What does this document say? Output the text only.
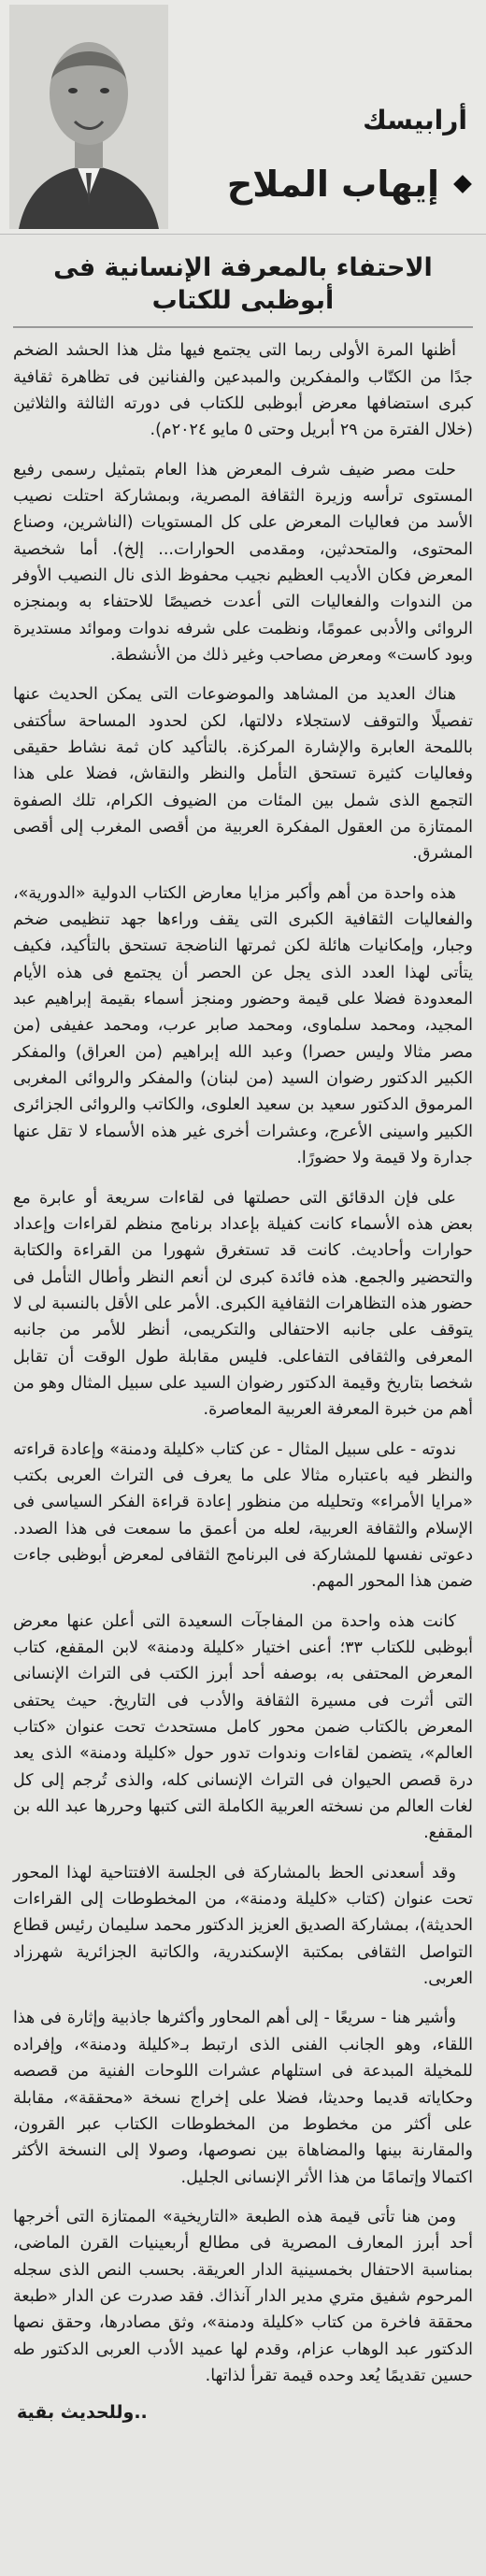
أرابيسك
إيهاب الملاح
الاحتفاء بالمعرفة الإنسانية فى أبوظبى للكتاب

أظنها المرة الأولى ربما التى يجتمع فيها مثل هذا الحشد الضخم جدًا من الكتّاب والمفكرين والمبدعين والفنانين فى تظاهرة ثقافية كبرى استضافها معرض أبوظبى للكتاب فى دورته الثالثة والثلاثين (خلال الفترة من ٢٩ أبريل وحتى ٥ مايو ٢٠٢٤م).

حلت مصر ضيف شرف المعرض هذا العام بتمثيل رسمى رفيع المستوى ترأسه وزيرة الثقافة المصرية، وبمشاركة احتلت نصيب الأسد من فعاليات المعرض على كل المستويات (الناشرين، وصناع المحتوى، والمتحدثين، ومقدمى الحوارات... إلخ). أما شخصية المعرض فكان الأديب العظيم نجيب محفوظ الذى نال النصيب الأوفر من الندوات والفعاليات التى أعدت خصيصًا للاحتفاء به وبمنجزه الروائى والأدبى عمومًا، ونظمت على شرفه ندوات وموائد مستديرة وبود كاست» ومعرض مصاحب وغير ذلك من الأنشطة.

هناك العديد من المشاهد والموضوعات التى يمكن الحديث عنها تفصيلًا والتوقف لاستجلاء دلالتها، لكن لحدود المساحة سأكتفى باللمحة العابرة والإشارة المركزة. بالتأكيد كان ثمة نشاط حقيقى وفعاليات كثيرة تستحق التأمل والنظر والنقاش، فضلا على هذا التجمع الذى شمل بين المئات من الضيوف الكرام، تلك الصفوة الممتازة من العقول المفكرة العربية من أقصى المغرب إلى أقصى المشرق.

هذه واحدة من أهم وأكبر مزايا معارض الكتاب الدولية «الدورية»، والفعاليات الثقافية الكبرى التى يقف وراءها جهد تنظيمى ضخم وجبار، وإمكانيات هائلة لكن ثمرتها الناضجة تستحق بالتأكيد، فكيف يتأتى لهذا العدد الذى يجل عن الحصر أن يجتمع فى هذه الأيام المعدودة فضلا على قيمة وحضور ومنجز أسماء بقيمة إبراهيم عبد المجيد، ومحمد سلماوى، ومحمد صابر عرب، ومحمد عفيفى (من مصر مثالا وليس حصرا) وعبد الله إبراهيم (من العراق) والمفكر الكبير الدكتور رضوان السيد (من لبنان) والمفكر والروائى المغربى المرموق الدكتور سعيد بن سعيد العلوى، والكاتب والروائى الجزائرى الكبير واسينى الأعرج، وعشرات أخرى غير هذه الأسماء لا تقل عنها جدارة ولا قيمة ولا حضورًا.

على فإن الدقائق التى حصلتها فى لقاءات سريعة أو عابرة مع بعض هذه الأسماء كانت كفيلة بإعداد برنامج منظم لقراءات وإعداد حوارات وأحاديث. كانت قد تستغرق شهورا من القراءة والكتابة والتحضير والجمع. هذه فائدة كبرى لن أنعم النظر وأطال التأمل فى حضور هذه التظاهرات الثقافية الكبرى. الأمر على الأقل بالنسبة لى لا يتوقف على جانبه الاحتفالى والتكريمى، أنظر للأمر من جانبه المعرفى والثقافى التفاعلى. فليس مقابلة طول الوقت أن تقابل شخصا بتاريخ وقيمة الدكتور رضوان السيد على سبيل المثال وهو من أهم من خبرة المعرفة العربية المعاصرة.

ندوته - على سبيل المثال - عن كتاب «كليلة ودمنة» وإعادة قراءته والنظر فيه باعتباره مثالا على ما يعرف فى التراث العربى بكتب «مرايا الأمراء» وتحليله من منظور إعادة قراءة الفكر السياسى فى الإسلام والثقافة العربية، لعله من أعمق ما سمعت فى هذا الصدد. دعوتى نفسها للمشاركة فى البرنامج الثقافى لمعرض أبوظبى جاءت ضمن هذا المحور المهم.

كانت هذه واحدة من المفاجآت السعيدة التى أعلن عنها معرض أبوظبى للكتاب ٣٣؛ أعنى اختيار «كليلة ودمنة» لابن المقفع، كتاب المعرض المحتفى به، بوصفه أحد أبرز الكتب فى التراث الإنسانى التى أثرت فى مسيرة الثقافة والأدب فى التاريخ. حيث يحتفى المعرض بالكتاب ضمن محور كامل مستحدث تحت عنوان «كتاب العالم»، يتضمن لقاءات وندوات تدور حول «كليلة ودمنة» الذى يعد درة قصص الحيوان فى التراث الإنسانى كله، والذى تُرجم إلى كل لغات العالم من نسخته العربية الكاملة التى كتبها وحررها عبد الله بن المقفع.

وقد أسعدنى الحظ بالمشاركة فى الجلسة الافتتاحية لهذا المحور تحت عنوان (كتاب «كليلة ودمنة»، من المخطوطات إلى القراءات الحديثة)، بمشاركة الصديق العزيز الدكتور محمد سليمان رئيس قطاع التواصل الثقافى بمكتبة الإسكندرية، والكاتبة الجزائرية شهرزاد العربى.

وأشير هنا - سريعًا - إلى أهم المحاور وأكثرها جاذبية وإثارة فى هذا اللقاء، وهو الجانب الفنى الذى ارتبط بـ«كليلة ودمنة»، وإفراده للمخيلة المبدعة فى استلهام عشرات اللوحات الفنية من قصصه وحكاياته قديما وحديثا، فضلا على إخراج نسخة «محققة»، مقابلة على أكثر من مخطوط من المخطوطات الكتاب عبر القرون، والمقارنة بينها والمضاهاة بين نصوصها، وصولا إلى النسخة الأكثر اكتمالا وإتمامًا من هذا الأثر الإنسانى الجليل.

ومن هنا تأتى قيمة هذه الطبعة «التاريخية» الممتازة التى أخرجها أحد أبرز المعارف المصرية فى مطالع أربعينيات القرن الماضى، بمناسبة الاحتفال بخمسينية الدار العريقة. بحسب النص الذى سجله المرحوم شفيق متري مدير الدار آنذاك. فقد صدرت عن الدار «طبعة محققة فاخرة من كتاب «كليلة ودمنة»، وثق مصادرها، وحقق نصها الدكتور عبد الوهاب عزام، وقدم لها عميد الأدب العربى الدكتور طه حسين تقديمًا يُعد وحده قيمة تقرأ لذاتها.

..وللحديث بقية
